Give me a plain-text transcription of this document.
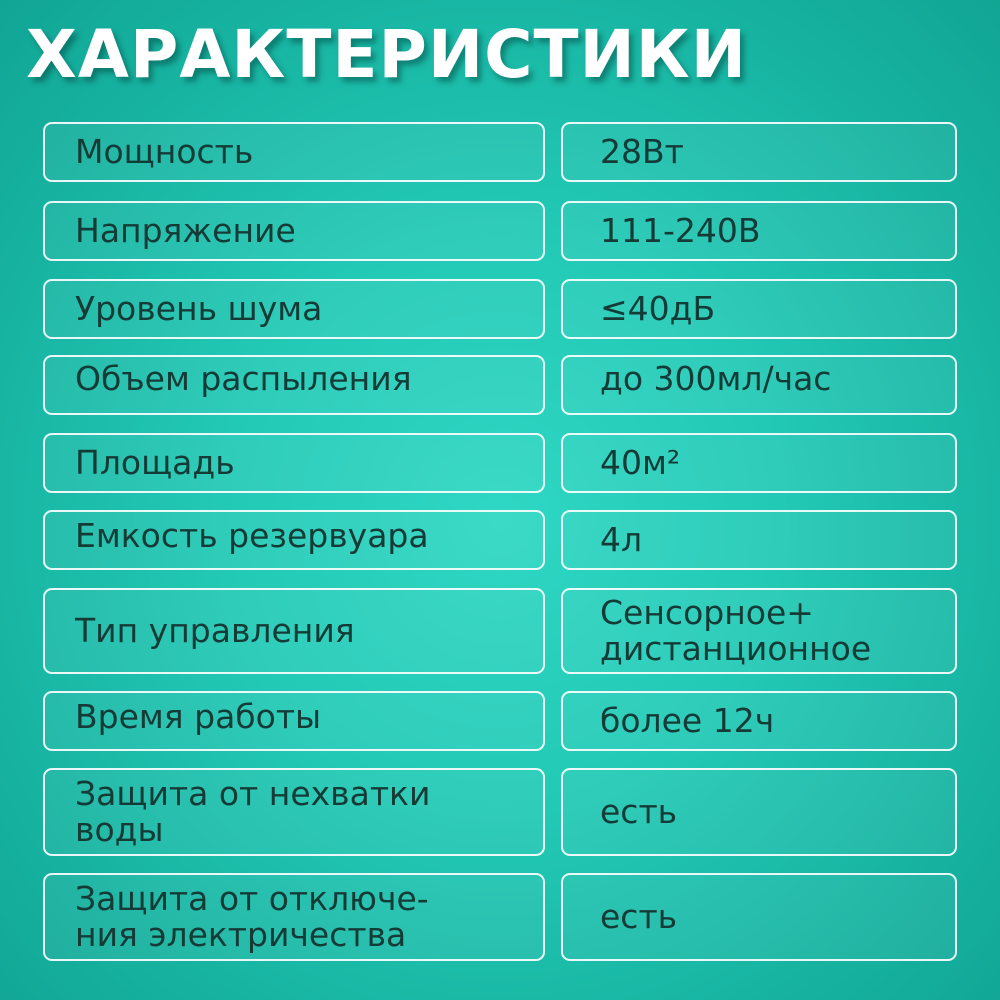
ХАРАКТЕРИСТИКИ
Мощность	28Вт
Напряжение	111-240В
Уровень шума	≤40дБ
Объем распыления	до 300мл/час
Площадь	40м²
Емкость резервуара	4л
Тип управления	Сенсорное+
дистанционное
Время работы	более 12ч
Защита от нехватки
воды	есть
Защита от отключе-
ния электричества	есть
